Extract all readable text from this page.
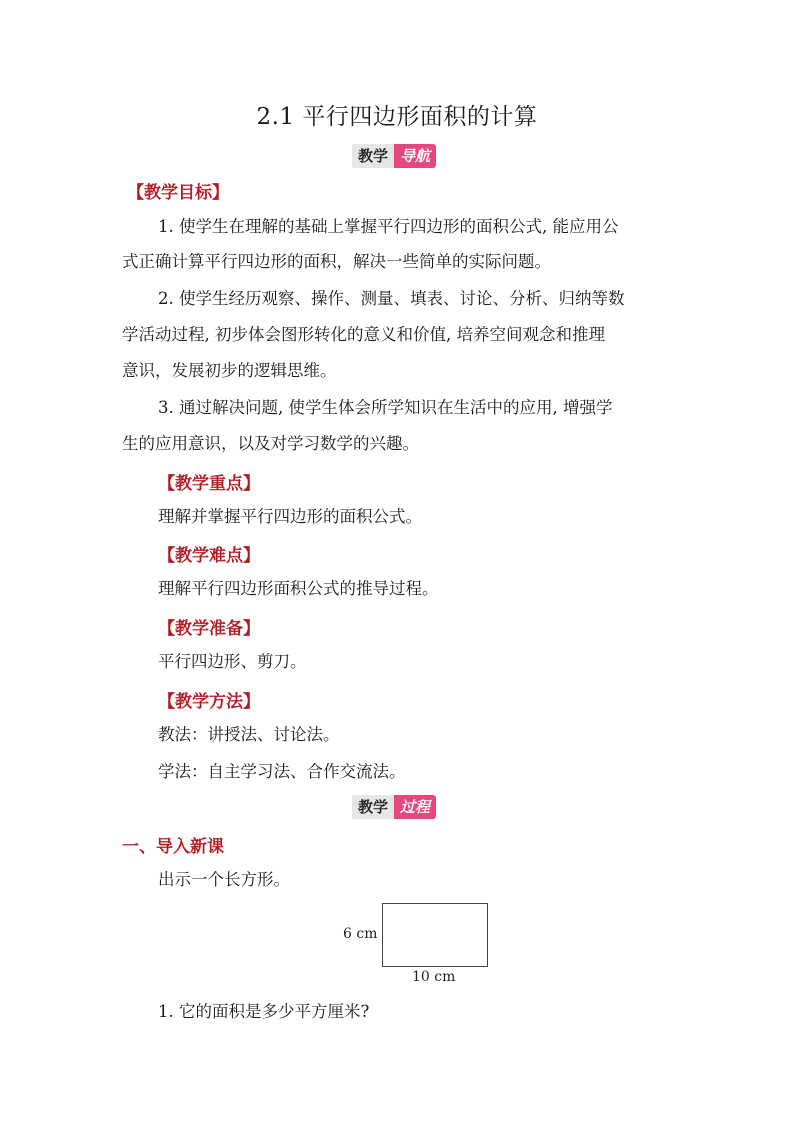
2.1 平行四边形面积的计算
教学 导航
【教学目标】
1. 使学生在理解的基础上掌握平行四边形的面积公式, 能应用公
式正确计算平行四边形的面积，解决一些简单的实际问题。
2. 使学生经历观察、操作、测量、填表、讨论、分析、归纳等数
学活动过程, 初步体会图形转化的意义和价值, 培养空间观念和推理
意识，发展初步的逻辑思维。
3. 通过解决问题, 使学生体会所学知识在生活中的应用, 增强学
生的应用意识，以及对学习数学的兴趣。
【教学重点】
理解并掌握平行四边形的面积公式。
【教学难点】
理解平行四边形面积公式的推导过程。
【教学准备】
平行四边形、剪刀。
【教学方法】
教法：讲授法、讨论法。
学法：自主学习法、合作交流法。
教学 过程
一、导入新课
出示一个长方形。
6 cm
10 cm
1. 它的面积是多少平方厘米?
